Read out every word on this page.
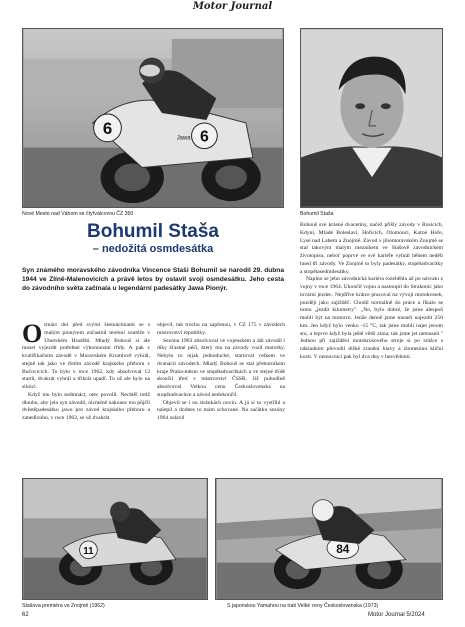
Motor Journal
6	6
Jawa
Nové Mesto nad Váhom se čtyřválcovou ČZ 350	Bohumil Staša
Bohumil Staša
– nedožitá osmdesátka

Syn známého moravského závodníka Vincence Staši Bohumil se narodil 29. dubna 1944 ve Zlíně-Malenovicích a právě letos by oslavil svoji osmdesátku. Jeho cesta do závodního světa začínala u legendární padesátky Jawa Pionýr.

O trnáct dní před svými šestnáctinami se s malým pionýrem zúčastnil terénní soutěže v Uherském Hradišti. Mladý Bohouš si ale musel vyjezdit potřebné výkonnostní třídy. A pak v kvalifikačním závodě v Moravském Krumlově vyhrál, stejně tak jako ve třetím závodě krajského přeboru v Bučovicích. To bylo v roce 1962, kdy absolvoval 12 startů, dvakrát vyhrál a třikrát upadl. To už ale bylo na silnici.

Když mu bylo sedmnáct, otec povolil. Nechtěl totiž dlouho, aby jelo syn závodil, nicméně nakonec mu půjčil dvěstěpadesátku jawu pro závod krajského přeboru a zanedlouho, v roce 1962, se už dvakrát

objevil, tak trochu na zapřenou, v ČZ 175 v závodech mistrovství republiky.

Sezónu 1963 absolvoval ve vojenském a dál závodil i díky šťastné péči, který mu na závody vozil motorky. Nebylo to nijak jednoduché, startoval celkem ve dvanácti závodech. Mladý Bohouš se stal přeborníkem kraje Praha-město ve stopětadvacítkách a ve stejné třídě skončil třetí v mistrovství ČSSR. Již pohodlně absolvoval Velkou cenu Československa na stopětadvacítce a závod nedokončil.

Objevil se i na stránkách novin. A já si to vystřihl a nalepil a dodnes to mám schované. Na začátku sezóny 1964 oslavil

Bohouš své krásné dvacetiny, načež přišly závody v Rosicích, Kdyni, Mladé Boleslavi, Hořicích, Olomouci, Kutné Hoře, Lysé nad Labem a Znojmě. Závod v jihomoravském Znojmě se stal takovým malým mezníkem ve Stašově závodnickém životopisu, neboť poprvé ve své kariéře vyhrál během nedělí hned tři závody. Ve Znojmě to byly padesátky, stopětadvacítky a stopětasedmdesátky.

Naplno se jeho závodnická kariéra rozeběhla až po návratu z vojny v roce 1964. Ukončil vojnu a nastoupil do Strakonic jako tovární jezdec. Nejdříve krátce pracoval na vývoji motokrosek, později jako zajížděč. Chodil normálně do práce a říkalo se tomu „jezdit kilometry". „No, bylo dobré, že jsme alespoň mohli být na motorce. Jenže denně jsme museli najezdit 250 km. Jen když bylo venku -15 °C, tak jsme mohli najet jenom sto, a teprve když byla ještě větší zima, tak jsme jet nemuseli." Jednou při zajíždění motokrosového stroje si po srážce s nákladním převodil těžké zranění hlavy a zlomeninu klíční kosti. V nemocnici pak byl dva dny v bezvědomí.

11
Stašova premiéra ve Znojmě (1962)
84
S japonskou Yamahou na trati Velké ceny Československa (1973)
62	Motor Journal 5/2024
